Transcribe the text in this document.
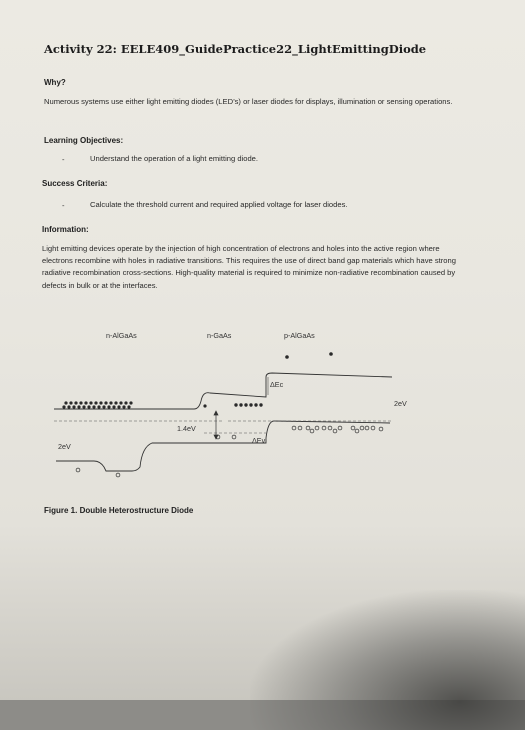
Activity 22: EELE409_GuidePractice22_LightEmittingDiode
Why?
Numerous systems use either light emitting diodes (LED’s) or laser diodes for displays, illumination or sensing operations.
Learning Objectives:
-	Understand the operation of a light emitting diode.
Success Criteria:
-	Calculate the threshold current and required applied voltage for laser diodes.
Information:
Light emitting devices operate by the injection of high concentration of electrons and holes into the active region where electrons recombine with holes in radiative transitions. This requires the use of direct band gap materials which have strong radiative recombination cross-sections. High-quality material is required to minimize non-radiative recombination caused by defects in bulk or at the interfaces.
n-AlGaAs	n-GaAs	p-AlGaAs
1.4eV
ΔEc
ΔEv
2eV
2eV
Figure 1. Double Heterostructure Diode
